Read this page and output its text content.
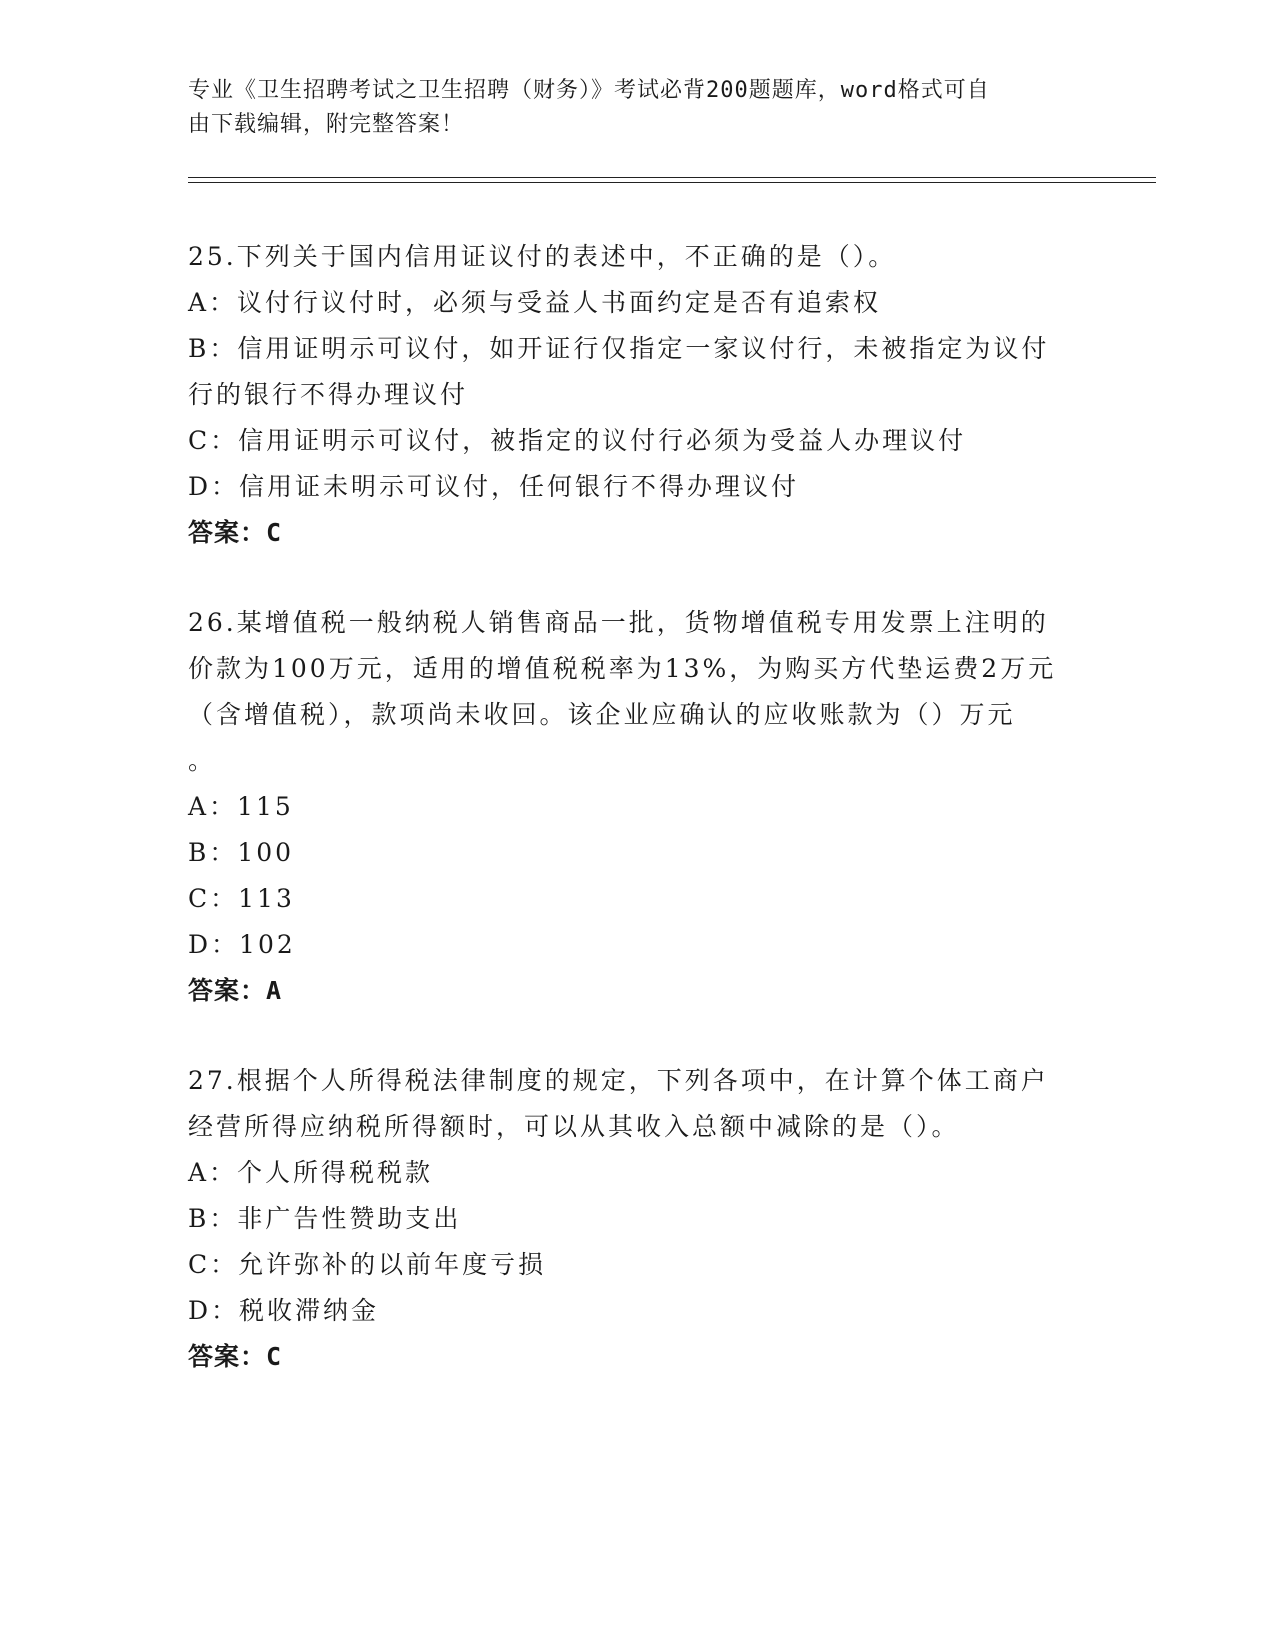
专业《卫生招聘考试之卫生招聘（财务）》考试必背200题题库，word格式可自
由下载编辑，附完整答案！
25.下列关于国内信用证议付的表述中，不正确的是（）。
A：议付行议付时，必须与受益人书面约定是否有追索权
B：信用证明示可议付，如开证行仅指定一家议付行，未被指定为议付
行的银行不得办理议付
C：信用证明示可议付，被指定的议付行必须为受益人办理议付
D：信用证未明示可议付，任何银行不得办理议付
答案：C
26.某增值税一般纳税人销售商品一批，货物增值税专用发票上注明的
价款为100万元，适用的增值税税率为13%，为购买方代垫运费2万元
（含增值税），款项尚未收回。该企业应确认的应收账款为（）万元
。
A：115
B：100
C：113
D：102
答案：A
27.根据个人所得税法律制度的规定，下列各项中，在计算个体工商户
经营所得应纳税所得额时，可以从其收入总额中减除的是（）。
A：个人所得税税款
B：非广告性赞助支出
C：允许弥补的以前年度亏损
D：税收滞纳金
答案：C
